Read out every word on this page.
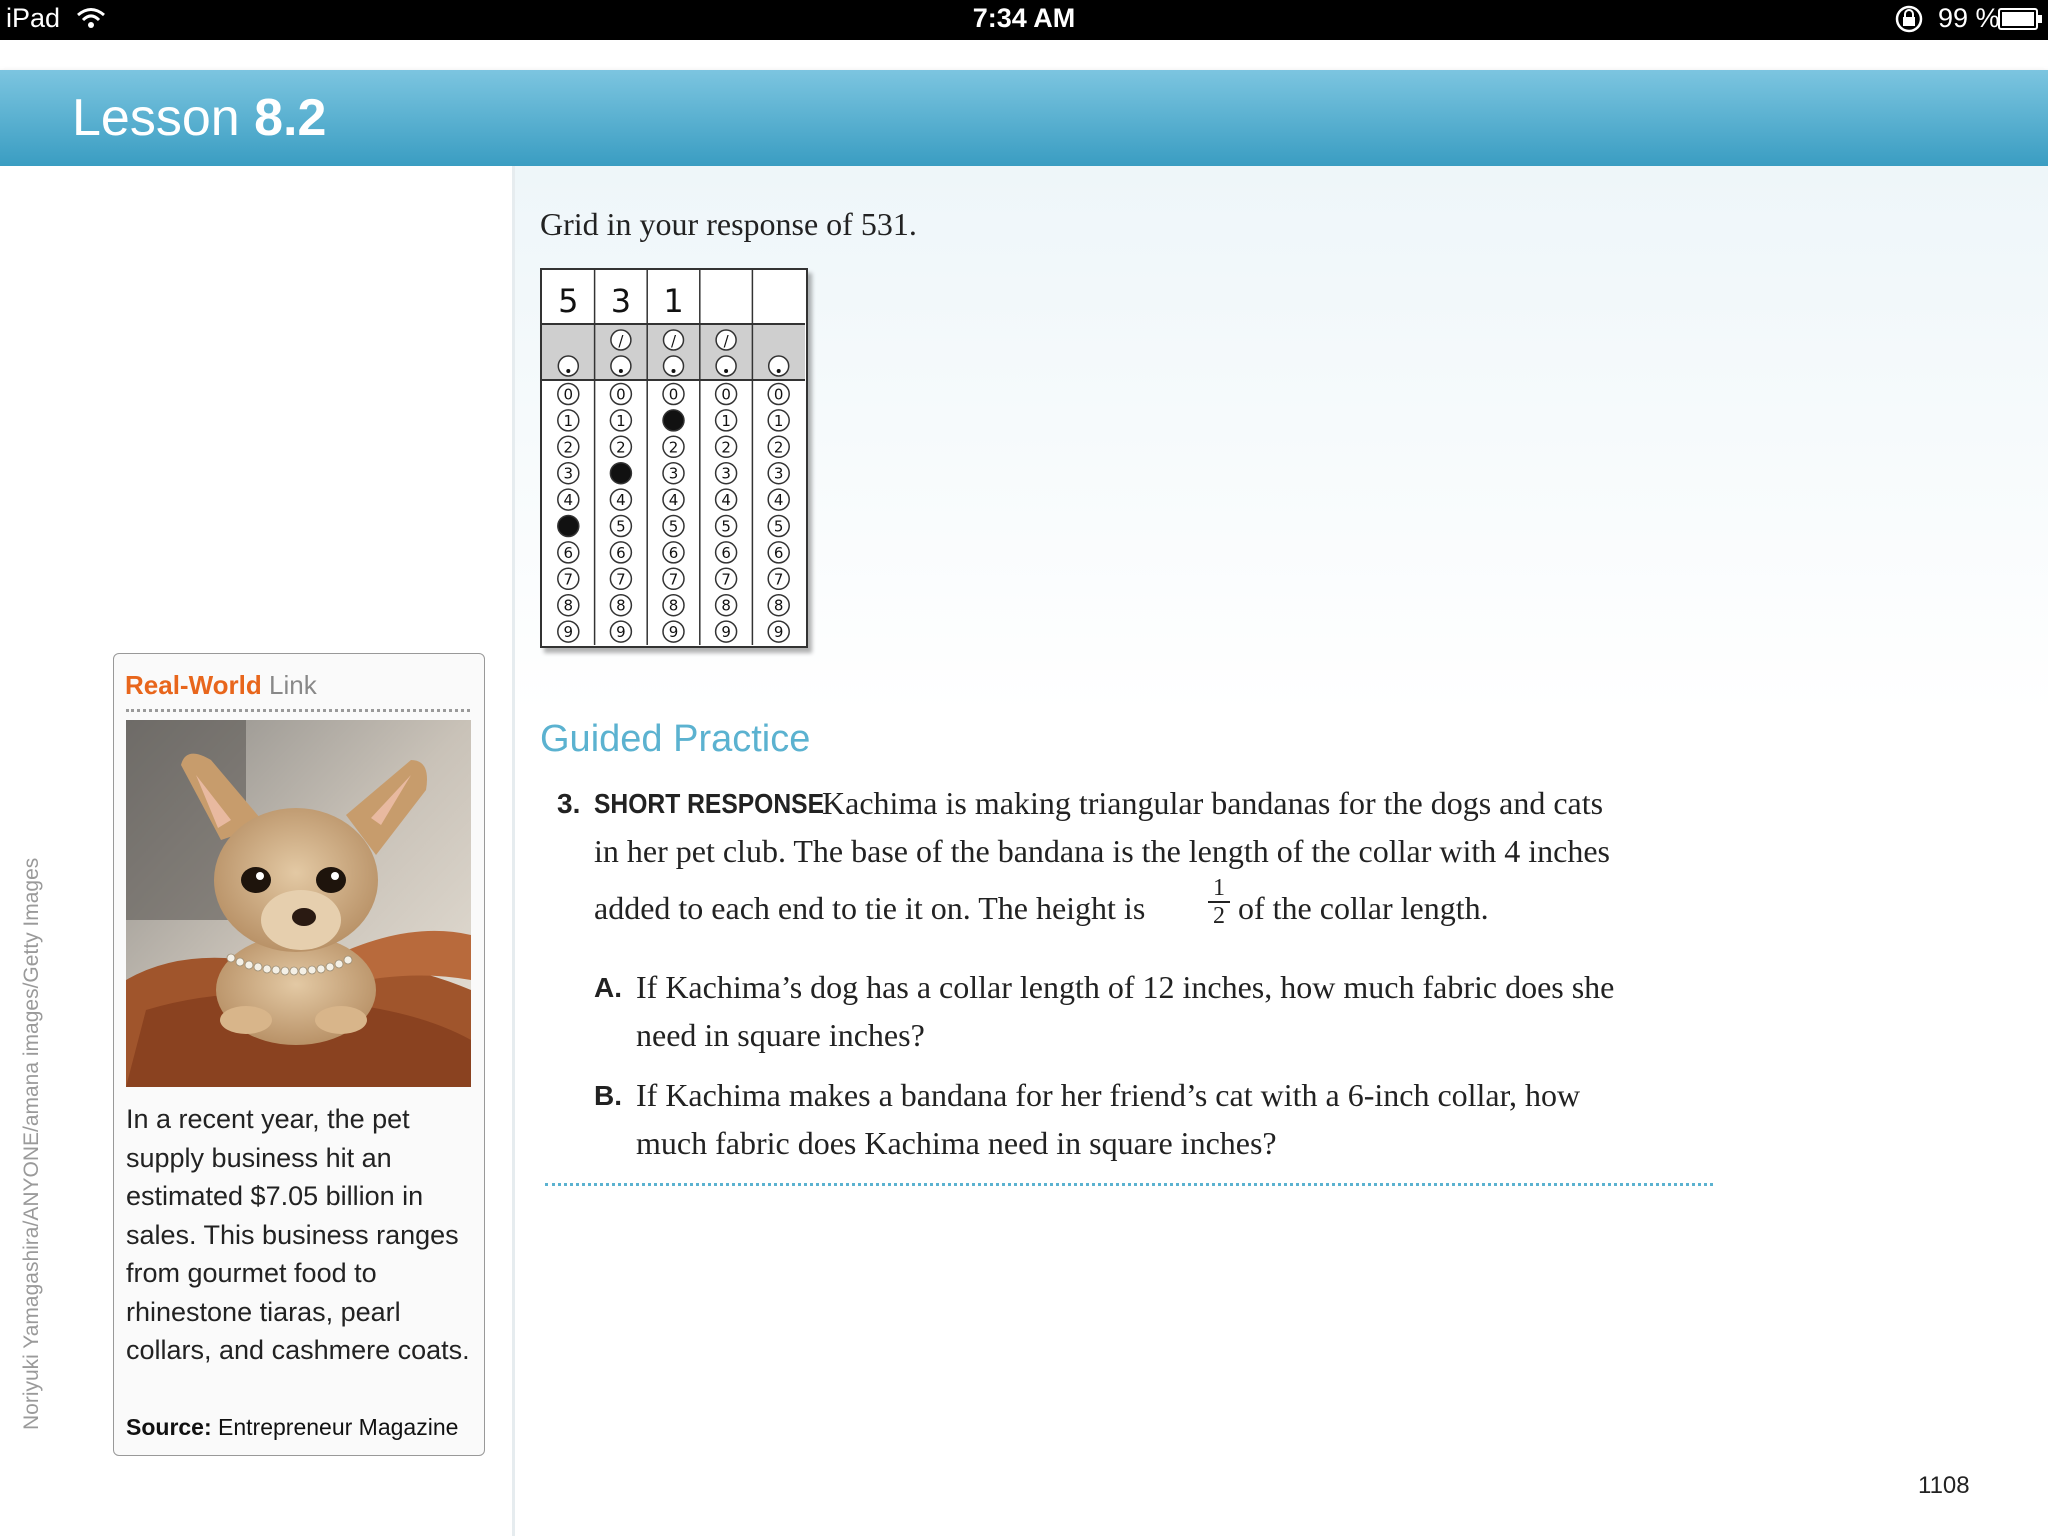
iPad	7:34 AM	99 %
Lesson 8.2
Noriyuki Yamagashira/ANYONE/amana images/Getty Images
Real-World Link
In a recent year, the pet supply business hit an estimated $7.05 billion in sales. This business ranges from gourmet food to rhinestone tiaras, pearl collars, and cashmere coats.
Source: Entrepreneur Magazine
Grid in your response of 531.
5
0
1
2
3
4
6
7
8
9
3
/
0
1
2
4
5
6
7
8
9
1
/
0
2
3
4
5
6
7
8
9
/
0
1
2
3
4
5
6
7
8
9
0
1
2
3
4
5
6
7
8
9
Guided Practice
3. SHORT RESPONSE
Kachima is making triangular bandanas for the dogs and cats
in her pet club. The base of the bandana is the length of the collar with 4 inches
added to each end to tie it on. The height is
1
2 of the collar length.
A. If Kachima’s dog has a collar length of 12 inches, how much fabric does she
need in square inches?
B. If Kachima makes a bandana for her friend’s cat with a 6-inch collar, how
much fabric does Kachima need in square inches?
1108
